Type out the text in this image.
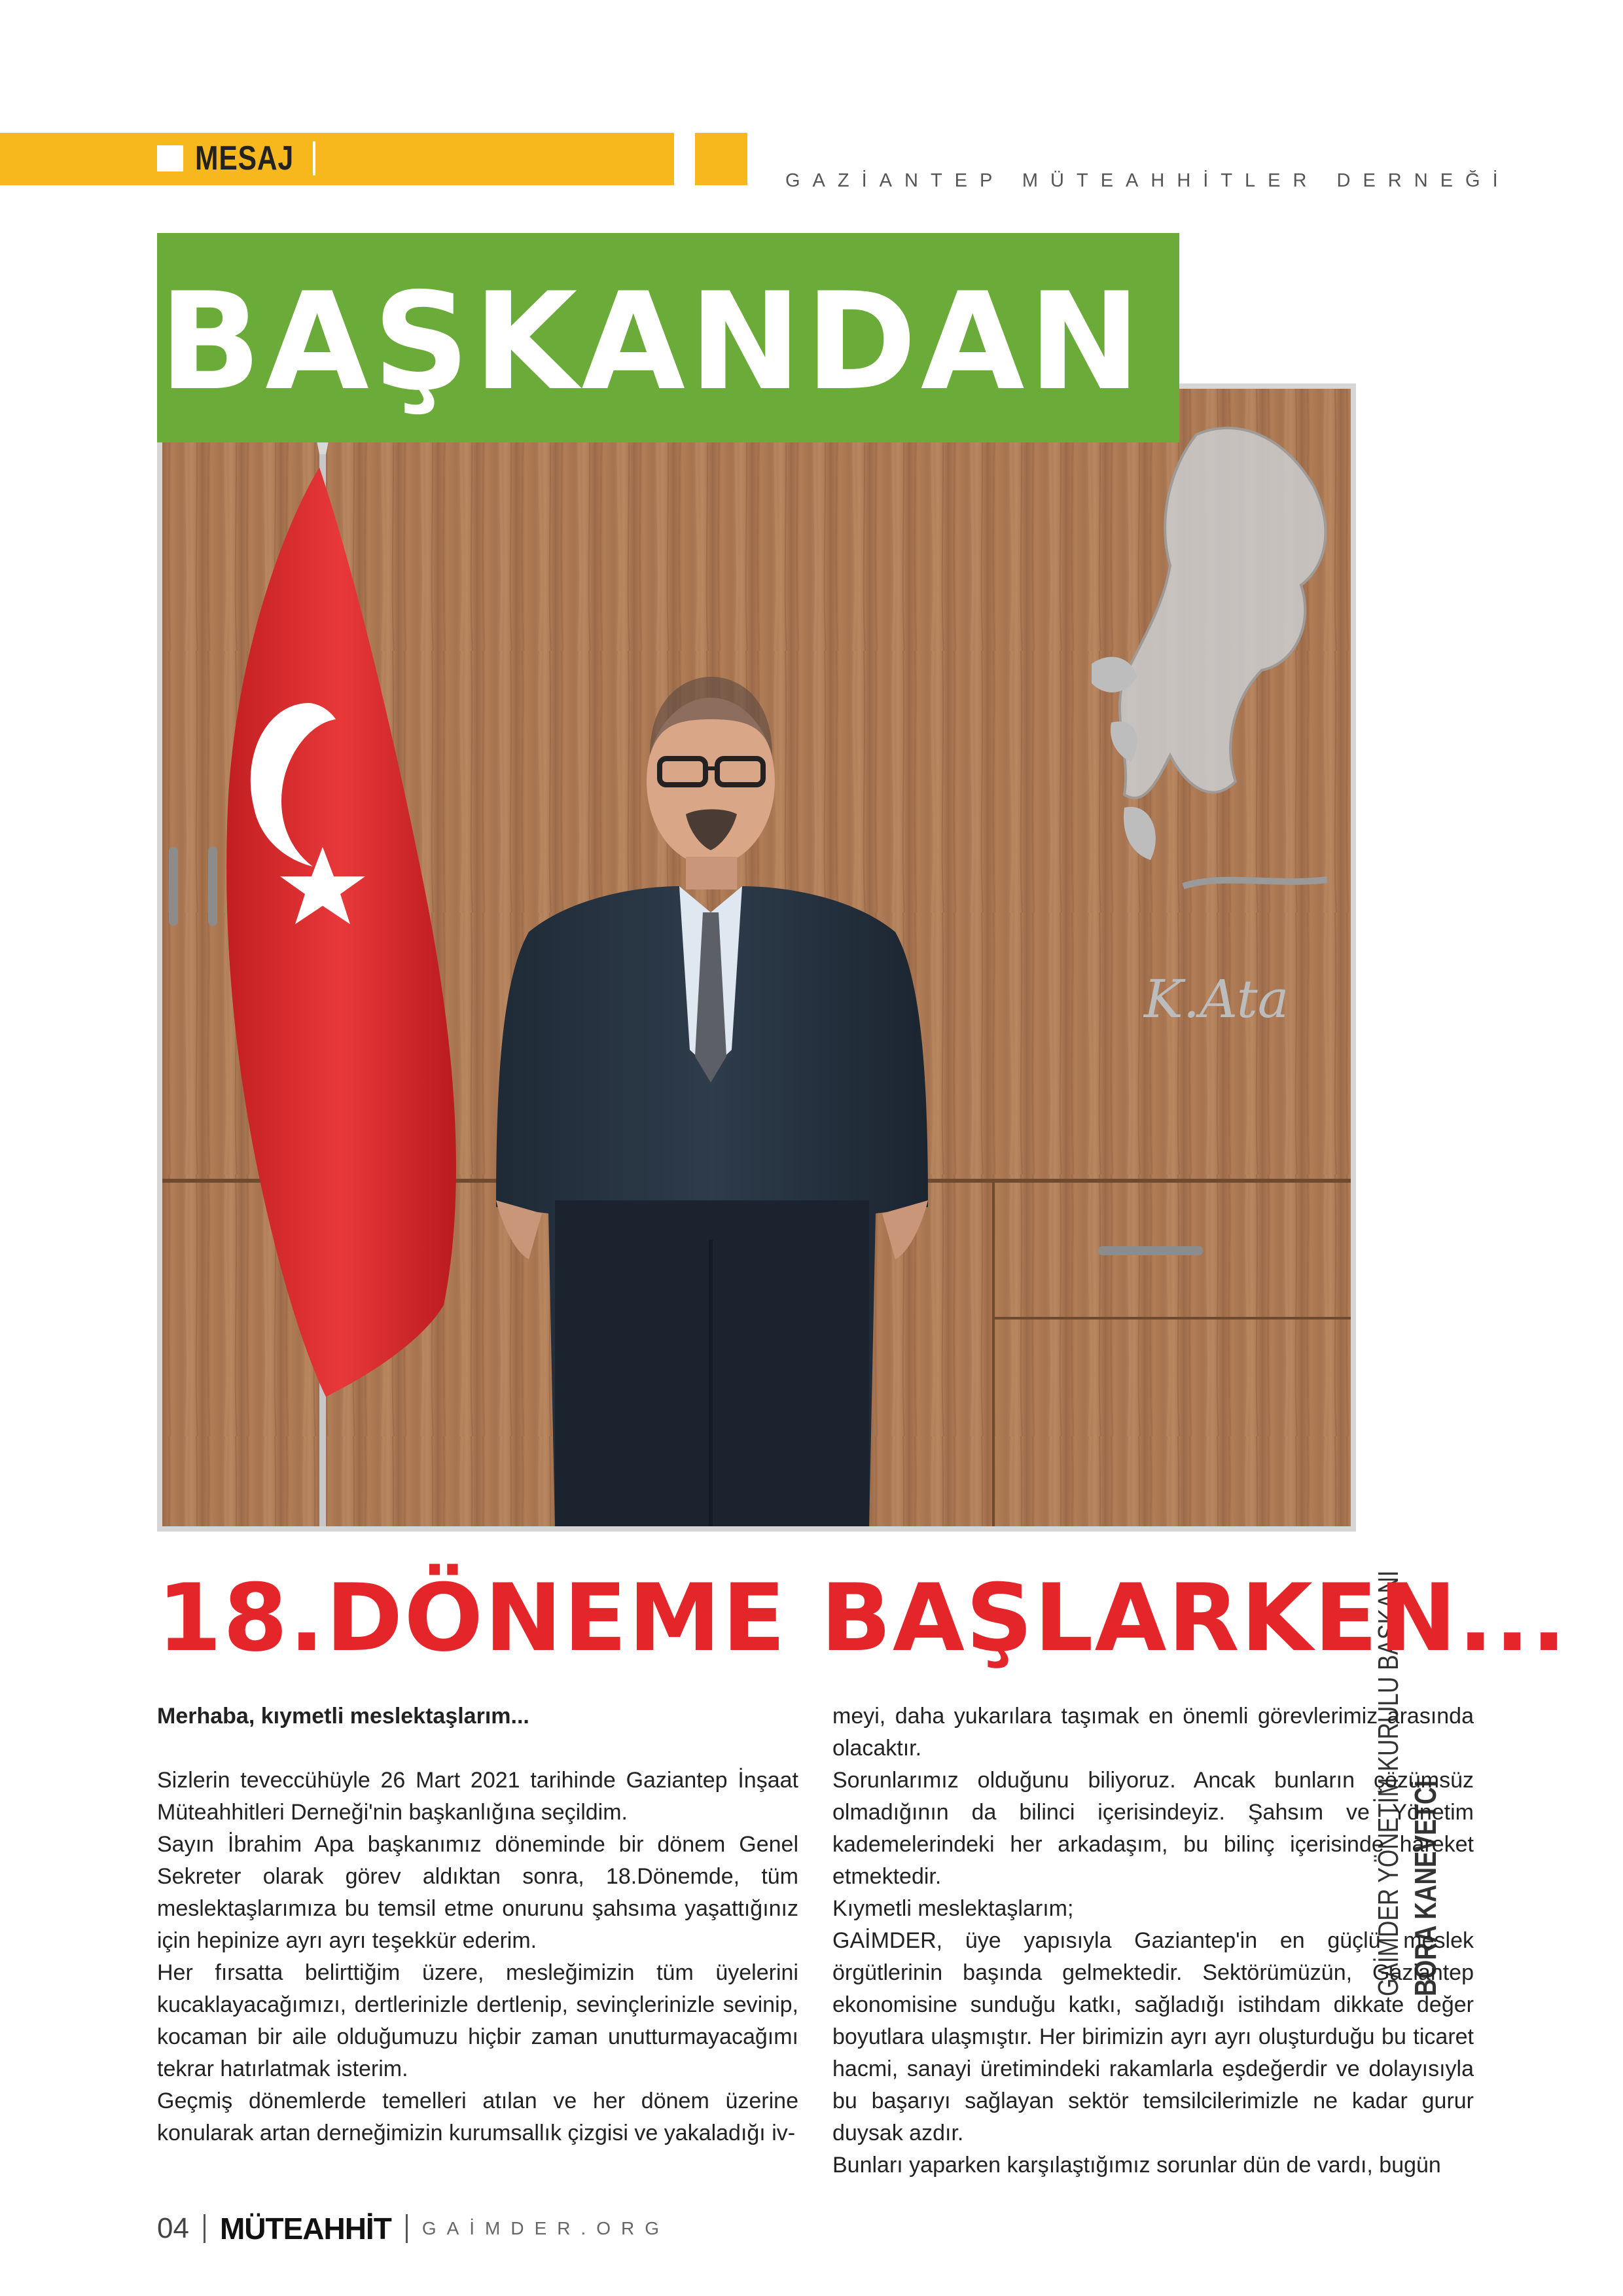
MESAJ
GAZİANTEP MÜTEAHHİTLER DERNEĞİ
K.Ata
BAŞKANDAN
GAİMDER YÖNETİM KURULU BAŞKANI BORA KANEVETCİ
18.DÖNEME BAŞLARKEN...

Merhaba, kıymetli meslektaşlarım...

Sizlerin teveccühüyle 26 Mart 2021 tarihinde Gaziantep İnşaat Müteahhitleri Derneği'nin başkanlığına seçildim.

Sayın İbrahim Apa başkanımız döneminde bir dönem Genel Sekreter olarak görev aldıktan sonra, 18.Dönemde, tüm meslektaşlarımıza bu temsil etme onurunu şahsıma yaşattığınız için hepinize ayrı ayrı teşekkür ederim.

Her fırsatta belirttiğim üzere, mesleğimizin tüm üyelerini kucaklayacağımızı, dertlerinizle dertlenip, sevinçlerinizle sevinip, kocaman bir aile olduğumuzu hiçbir zaman unutturmayacağımı tekrar hatırlatmak isterim.

Geçmiş dönemlerde temelleri atılan ve her dönem üzerine konularak artan derneğimizin kurumsallık çizgisi ve yakaladığı iv-

meyi, daha yukarılara taşımak en önemli görevlerimiz arasında olacaktır.

Sorunlarımız olduğunu biliyoruz. Ancak bunların çözümsüz olmadığının da bilinci içerisindeyiz. Şahsım ve Yönetim kademelerindeki her arkadaşım, bu bilinç içerisinde hareket etmektedir.

Kıymetli meslektaşlarım;

GAİMDER, üye yapısıyla Gaziantep'in en güçlü meslek örgütlerinin başında gelmektedir. Sektörümüzün, Gaziantep ekonomisine sunduğu katkı, sağladığı istihdam dikkate değer boyutlara ulaşmıştır. Her birimizin ayrı ayrı oluşturduğu bu ticaret hacmi, sanayi üretimindeki rakamlarla eşdeğerdir ve dolayısıyla bu başarıyı sağlayan sektör temsilcilerimizle ne kadar gurur duysak azdır.

Bunları yaparken karşılaştığımız sorunlar dün de vardı, bugün

04 MÜTEAHHİT GAİMDER.ORG
